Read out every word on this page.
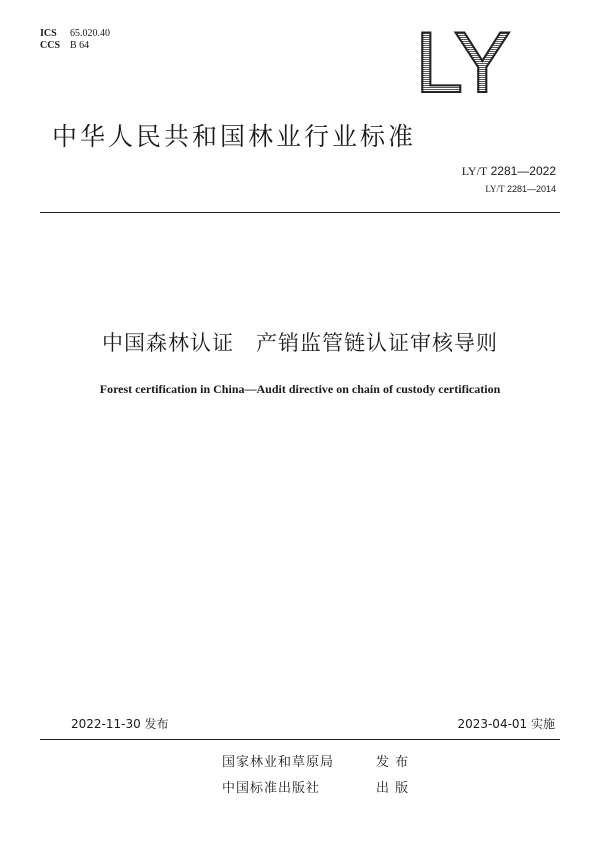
ICS 65.020.40
CCS B 64	LY
中华人民共和国林业行业标准
LY/T 2281—2022
LY/T 2281—2014
中国森林认证　产销监管链认证审核导则
Forest certification in China—Audit directive on chain of custody certification
2022-11-30 发布	2023-04-01 实施
国家林业和草原局	发 布
中国标准出版社	出 版
